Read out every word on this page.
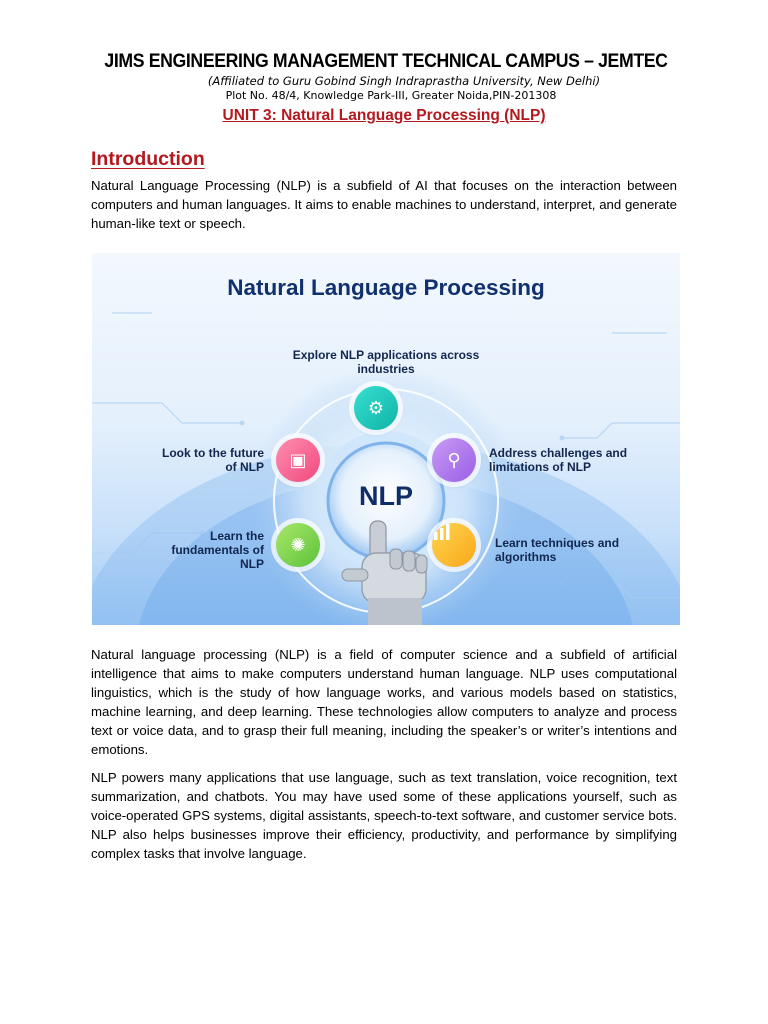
JIMS ENGINEERING MANAGEMENT TECHNICAL CAMPUS – JEMTEC
(Affiliated to Guru Gobind Singh Indraprastha University, New Delhi)
Plot No. 48/4, Knowledge Park-III, Greater Noida,PIN-201308
UNIT 3: Natural Language Processing (NLP)
Introduction
Natural Language Processing (NLP) is a subfield of AI that focuses on the interaction between computers and human languages. It aims to enable machines to understand, interpret, and generate human-like text or speech.
Natural Language Processing
Explore NLP applications across industries
Look to the future of NLP
Address challenges and limitations of NLP
Learn the fundamentals of NLP
Learn techniques and algorithms
⚙
▣	⚲
✺
NLP
Natural language processing (NLP) is a field of computer science and a subfield of artificial intelligence that aims to make computers understand human language. NLP uses computational linguistics, which is the study of how language works, and various models based on statistics, machine learning, and deep learning. These technologies allow computers to analyze and process text or voice data, and to grasp their full meaning, including the speaker’s or writer’s intentions and emotions.
NLP powers many applications that use language, such as text translation, voice recognition, text summarization, and chatbots. You may have used some of these applications yourself, such as voice-operated GPS systems, digital assistants, speech-to-text software, and customer service bots. NLP also helps businesses improve their efficiency, productivity, and performance by simplifying complex tasks that involve language.
